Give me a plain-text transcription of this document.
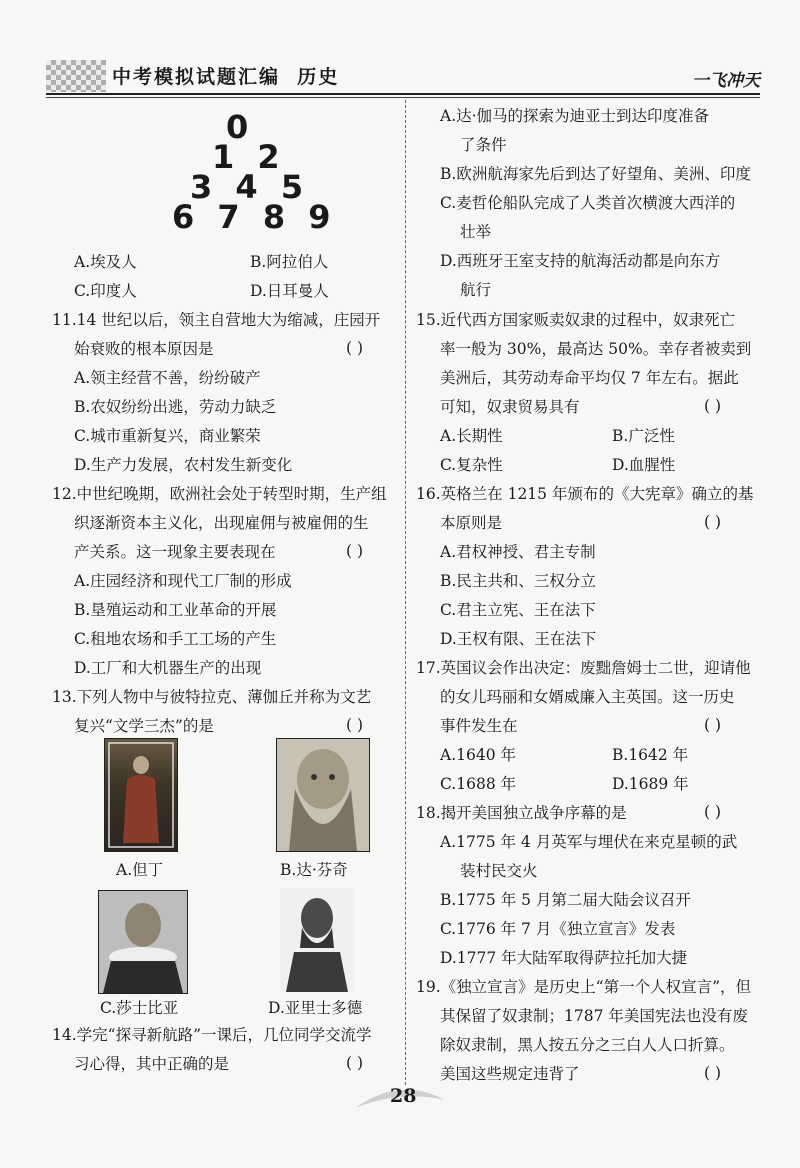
中考模拟试题汇编  历史	一飞冲天
0
1 2
3 4 5
6 7 8 9
A.埃及人	B.阿拉伯人
C.印度人	D.日耳曼人
11.14 世纪以后，领主自营地大为缩减，庄园开
始衰败的根本原因是	( )
A.领主经营不善，纷纷破产
B.农奴纷纷出逃，劳动力缺乏
C.城市重新复兴，商业繁荣
D.生产力发展，农村发生新变化
12.中世纪晚期，欧洲社会处于转型时期，生产组
织逐渐资本主义化，出现雇佣与被雇佣的生
产关系。这一现象主要表现在	( )
A.庄园经济和现代工厂制的形成
B.垦殖运动和工业革命的开展
C.租地农场和手工工场的产生
D.工厂和大机器生产的出现
13.下列人物中与彼特拉克、薄伽丘并称为文艺
复兴“文学三杰”的是	( )
A.但丁	B.达·芬奇
C.莎士比亚	D.亚里士多德
14.学完“探寻新航路”一课后，几位同学交流学
习心得，其中正确的是	( )
A.达·伽马的探索为迪亚士到达印度准备
了条件
B.欧洲航海家先后到达了好望角、美洲、印度
C.麦哲伦船队完成了人类首次横渡大西洋的
壮举
D.西班牙王室支持的航海活动都是向东方
航行
15.近代西方国家贩卖奴隶的过程中，奴隶死亡
率一般为 30%，最高达 50%。幸存者被卖到
美洲后，其劳动寿命平均仅 7 年左右。据此
可知，奴隶贸易具有	( )
A.长期性	B.广泛性
C.复杂性	D.血腥性
16.英格兰在 1215 年颁布的《大宪章》确立的基
本原则是	( )
A.君权神授、君主专制
B.民主共和、三权分立
C.君主立宪、王在法下
D.王权有限、王在法下
17.英国议会作出决定：废黜詹姆士二世，迎请他
的女儿玛丽和女婿威廉入主英国。这一历史
事件发生在	( )
A.1640 年	B.1642 年
C.1688 年	D.1689 年
18.揭开美国独立战争序幕的是	( )
A.1775 年 4 月英军与埋伏在来克星顿的武
装村民交火
B.1775 年 5 月第二届大陆会议召开
C.1776 年 7 月《独立宣言》发表
D.1777 年大陆军取得萨拉托加大捷
19.《独立宣言》是历史上“第一个人权宣言”，但
其保留了奴隶制；1787 年美国宪法也没有废
除奴隶制，黑人按五分之三白人人口折算。
美国这些规定违背了	( )
28
